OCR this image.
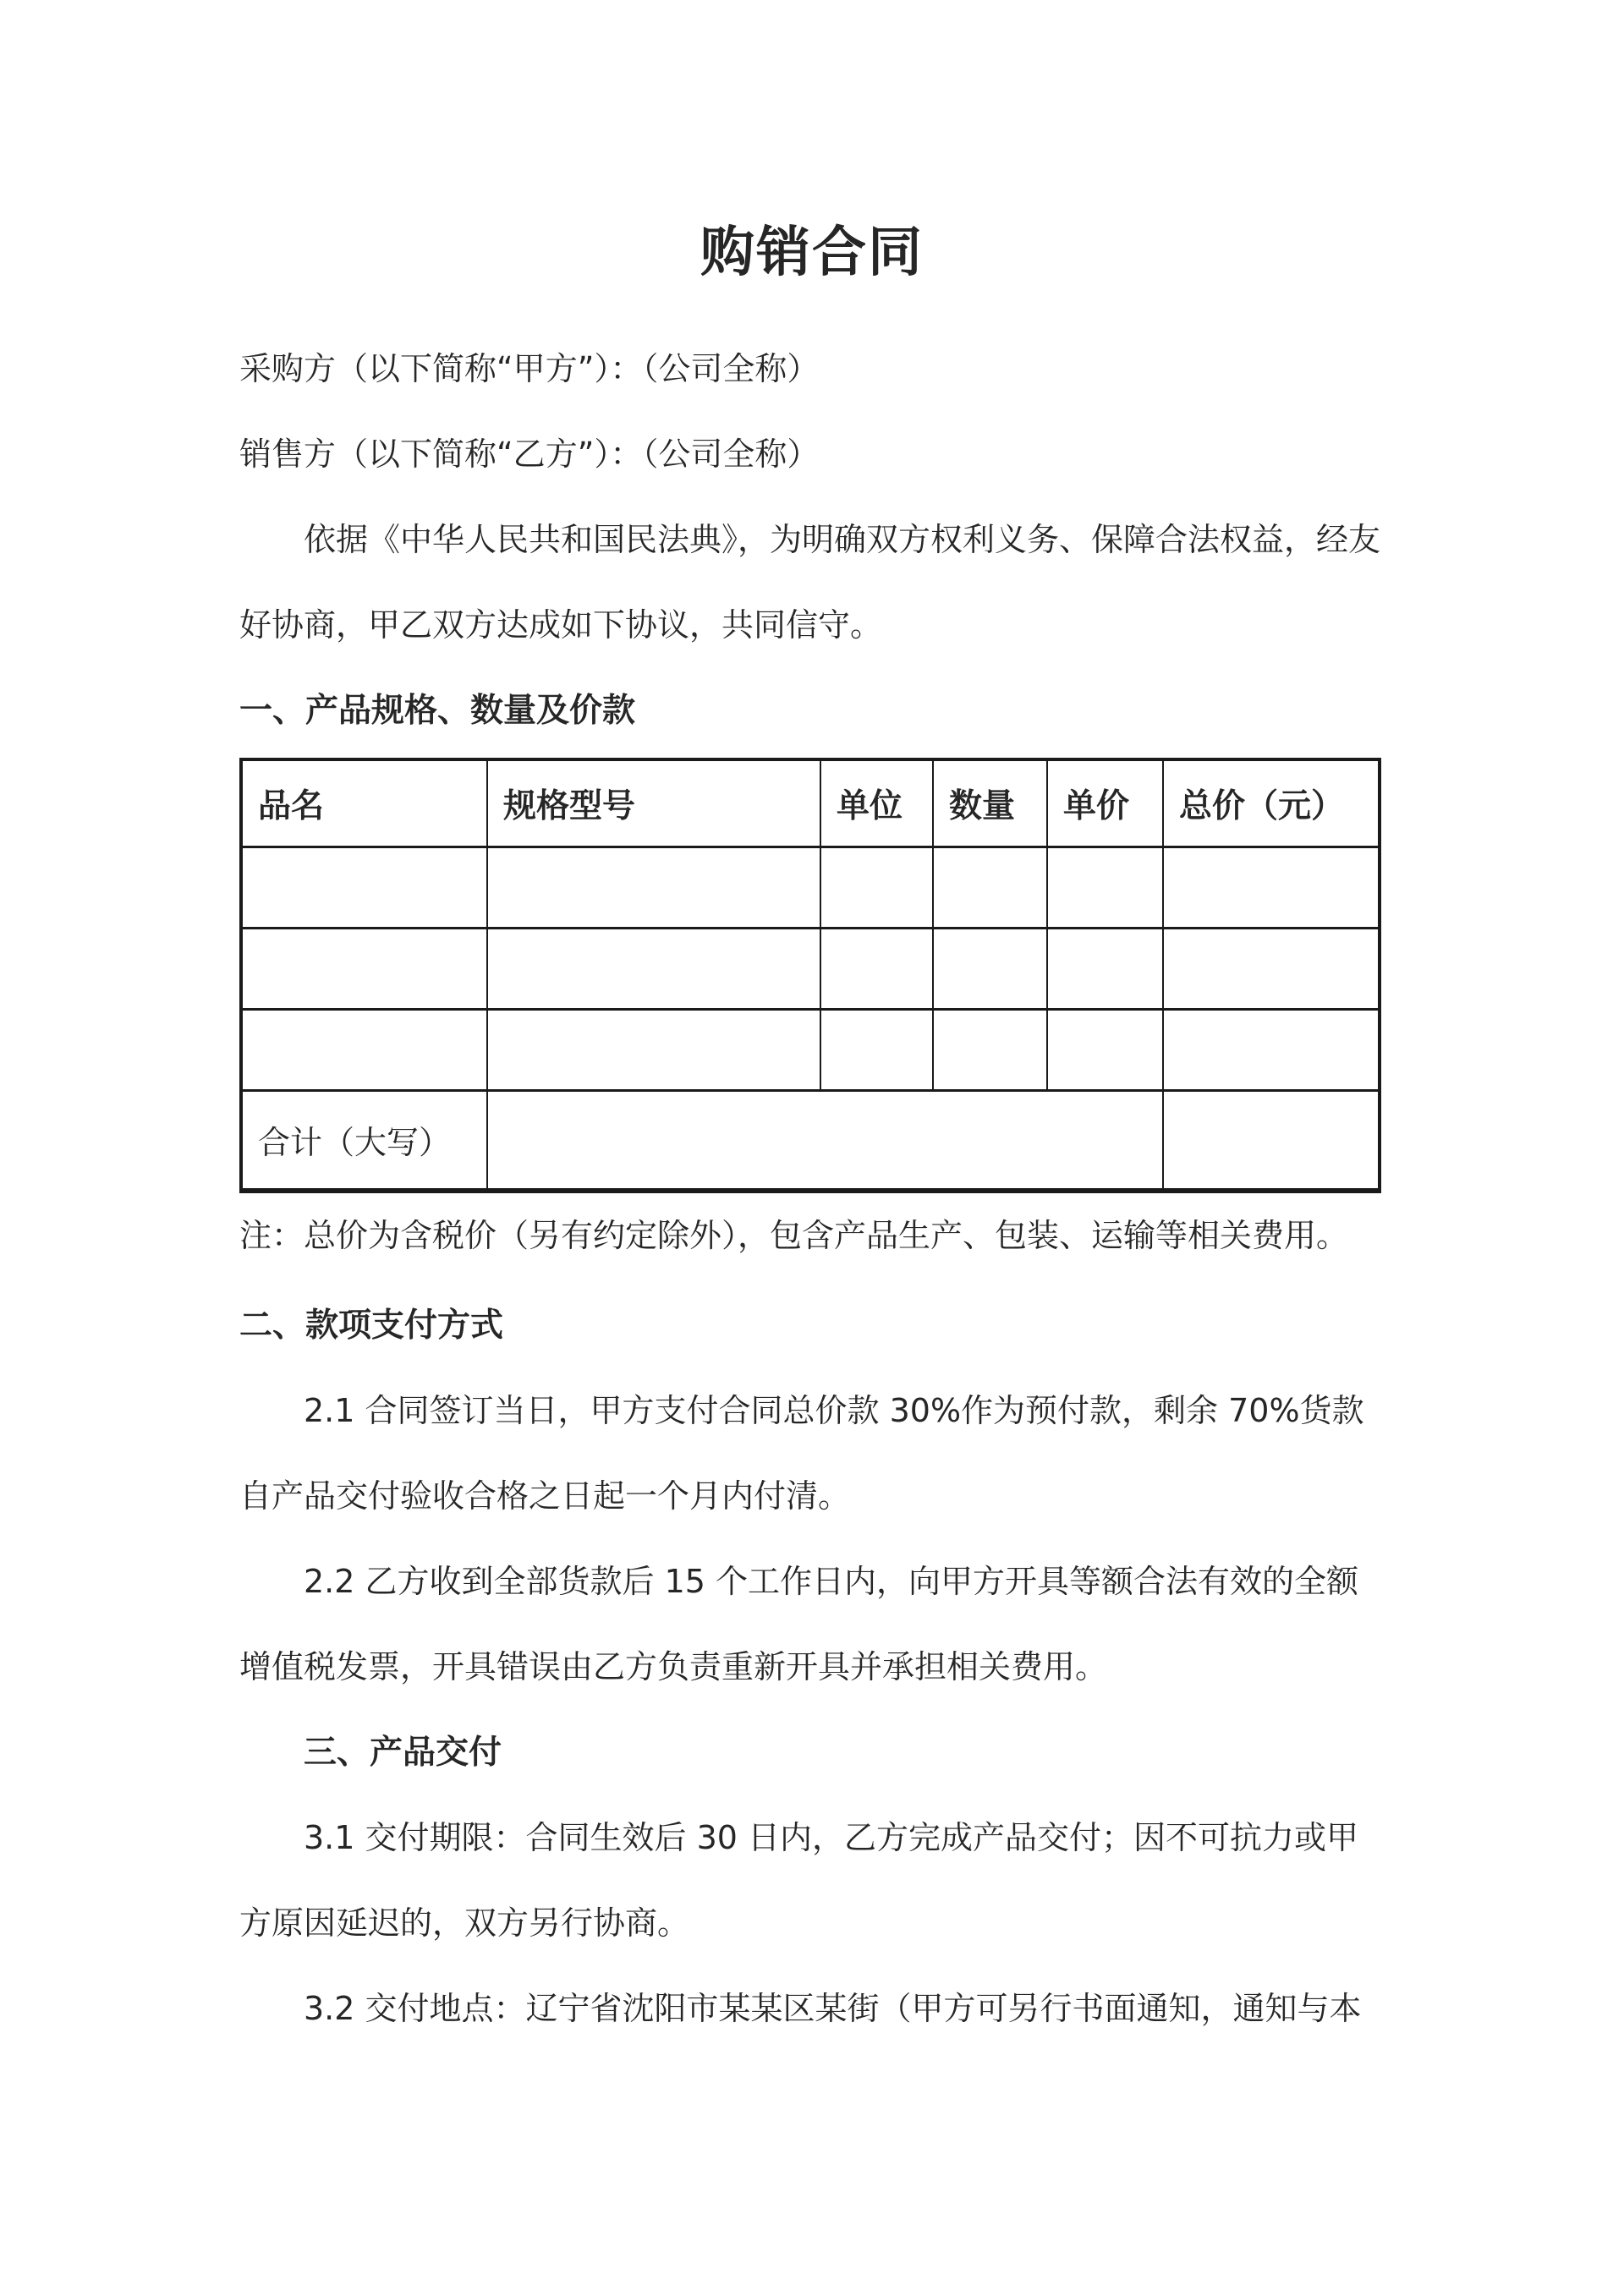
购销合同

采购方（以下简称“甲方”）：（公司全称）

销售方（以下简称“乙方”）：（公司全称）

依据《中华人民共和国民法典》，为明确双方权利义务、保障合法权益，经友好协商，甲乙双方达成如下协议，共同信守。

一、产品规格、数量及价款
品名	规格型号	单位	数量	单价	总价（元）

合计（大写）					

注：总价为含税价（另有约定除外），包含产品生产、包装、运输等相关费用。

二、款项支付方式

2.1 合同签订当日，甲方支付合同总价款 30%作为预付款，剩余 70%货款自产品交付验收合格之日起一个月内付清。

2.2 乙方收到全部货款后 15 个工作日内，向甲方开具等额合法有效的全额增值税发票，开具错误由乙方负责重新开具并承担相关费用。

三、产品交付

3.1 交付期限：合同生效后 30 日内，乙方完成产品交付；因不可抗力或甲方原因延迟的，双方另行协商。

3.2 交付地点：辽宁省沈阳市某某区某街（甲方可另行书面通知，通知与本
